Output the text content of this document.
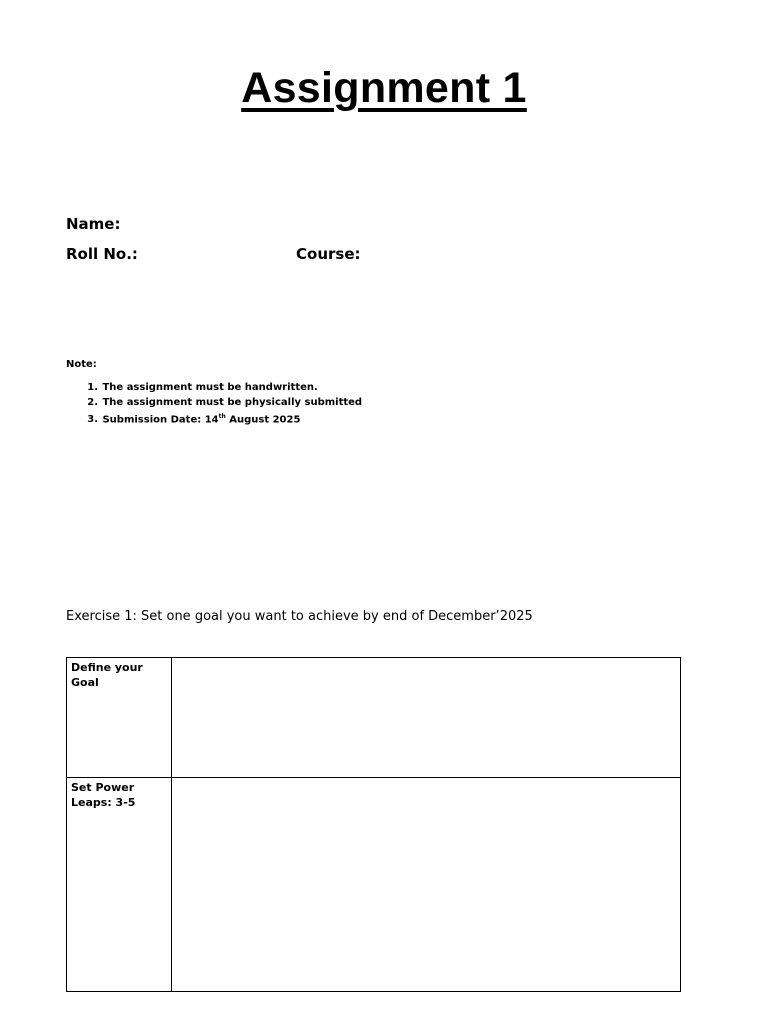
Assignment 1
Name:
Roll No.:	Course:
Note:
1. The assignment must be handwritten.
2. The assignment must be physically submitted
3. Submission Date: 14th August 2025
Exercise 1: Set one goal you want to achieve by end of December’2025
Define your Goal	
Set Power Leaps: 3-5	
